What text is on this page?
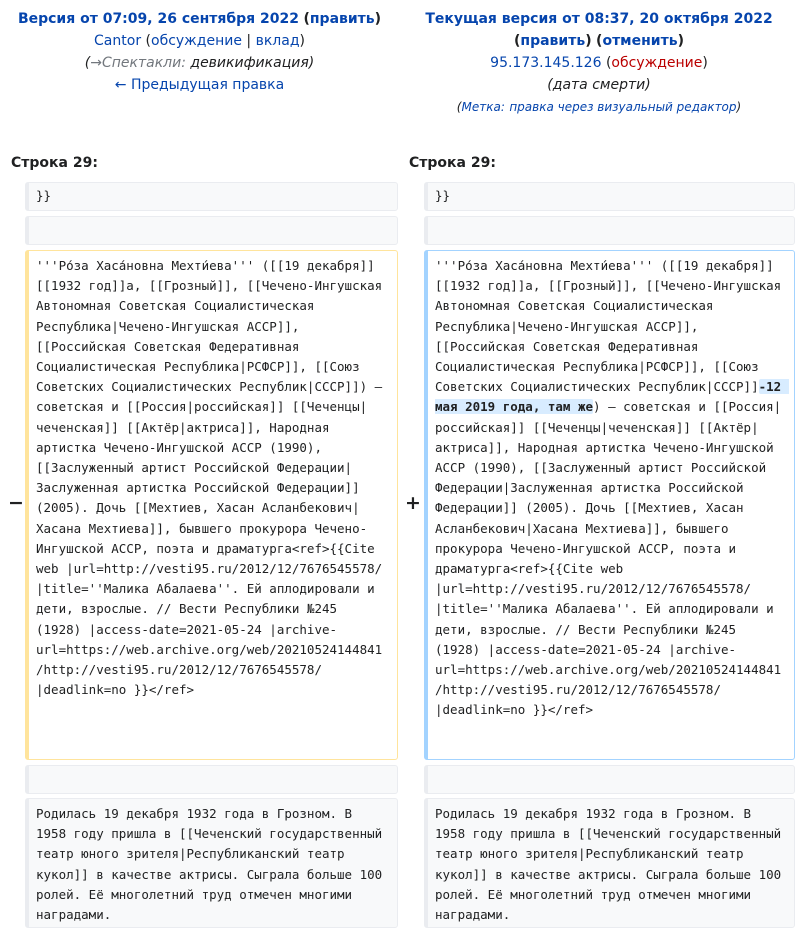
Версия от 07:09, 26 сентября 2022 (править)
Cantor (обсуждение | вклад)
(→Спектакли: девикификация)
← Предыдущая правка
Текущая версия от 08:37, 20 октября 2022
(править) (отменить)
95.173.145.126 (обсуждение)
(дата смерти)
(Метка: правка через визуальный редактор)
Строка 29:	Строка 29:
}}	}}
−	+
'''Ро́за Хаса́новна Мехти́ева''' ([[19 декабря]] [[1932 год]]а, [[Грозный]], [[Чечено-Ингушская Автономная Советская Социалистическая Республика|Чечено-Ингушская АССР]], [[Российская Советская Федеративная Социалистическая Республика|РСФСР]], [[Союз Советских Социалистических Республик|СССР]]) — советская и [[Россия|российская]] [[Чеченцы|чеченская]] [[Актёр|актриса]], Народная артистка Чечено-Ингушской АССР (1990), [[Заслуженный артист Российской Федерации|Заслуженная артистка Российской Федерации]] (2005). Дочь [[Мехтиев, Хасан Асланбекович|Хасана Мехтиева]], бывшего прокурора Чечено-Ингушской АССР, поэта и драматурга<ref>{{Cite web |url=http://vesti95.ru/2012/12/7676545578/ |title=''Малика Абалаева''. Ей аплодировали и дети, взрослые. // Вести Республики №245 (1928) |access-date=2021-05-24 |archive-url=https://web.archive.org/web/20210524144841/http://vesti95.ru/2012/12/7676545578/ |deadlink=no }}</ref>
'''Ро́за Хаса́новна Мехти́ева''' ([[19 декабря]] [[1932 год]]а, [[Грозный]], [[Чечено-Ингушская Автономная Советская Социалистическая Республика|Чечено-Ингушская АССР]], [[Российская Советская Федеративная Социалистическая Республика|РСФСР]], [[Союз Советских Социалистических Республик|СССР]]-12 мая 2019 года, там же) — советская и [[Россия|российская]] [[Чеченцы|чеченская]] [[Актёр|актриса]], Народная артистка Чечено-Ингушской АССР (1990), [[Заслуженный артист Российской Федерации|Заслуженная артистка Российской Федерации]] (2005). Дочь [[Мехтиев, Хасан Асланбекович|Хасана Мехтиева]], бывшего прокурора Чечено-Ингушской АССР, поэта и драматурга<ref>{{Cite web |url=http://vesti95.ru/2012/12/7676545578/ |title=''Малика Абалаева''. Ей аплодировали и дети, взрослые. // Вести Республики №245 (1928) |access-date=2021-05-24 |archive-url=https://web.archive.org/web/20210524144841/http://vesti95.ru/2012/12/7676545578/ |deadlink=no }}</ref>
Родилась 19 декабря 1932 года в Грозном. В 1958 году пришла в [[Чеченский государственный театр юного зрителя|Республиканский театр кукол]] в качестве актрисы. Сыграла больше 100 ролей. Её многолетний труд отмечен многими наградами.
Родилась 19 декабря 1932 года в Грозном. В 1958 году пришла в [[Чеченский государственный театр юного зрителя|Республиканский театр кукол]] в качестве актрисы. Сыграла больше 100 ролей. Её многолетний труд отмечен многими наградами.
